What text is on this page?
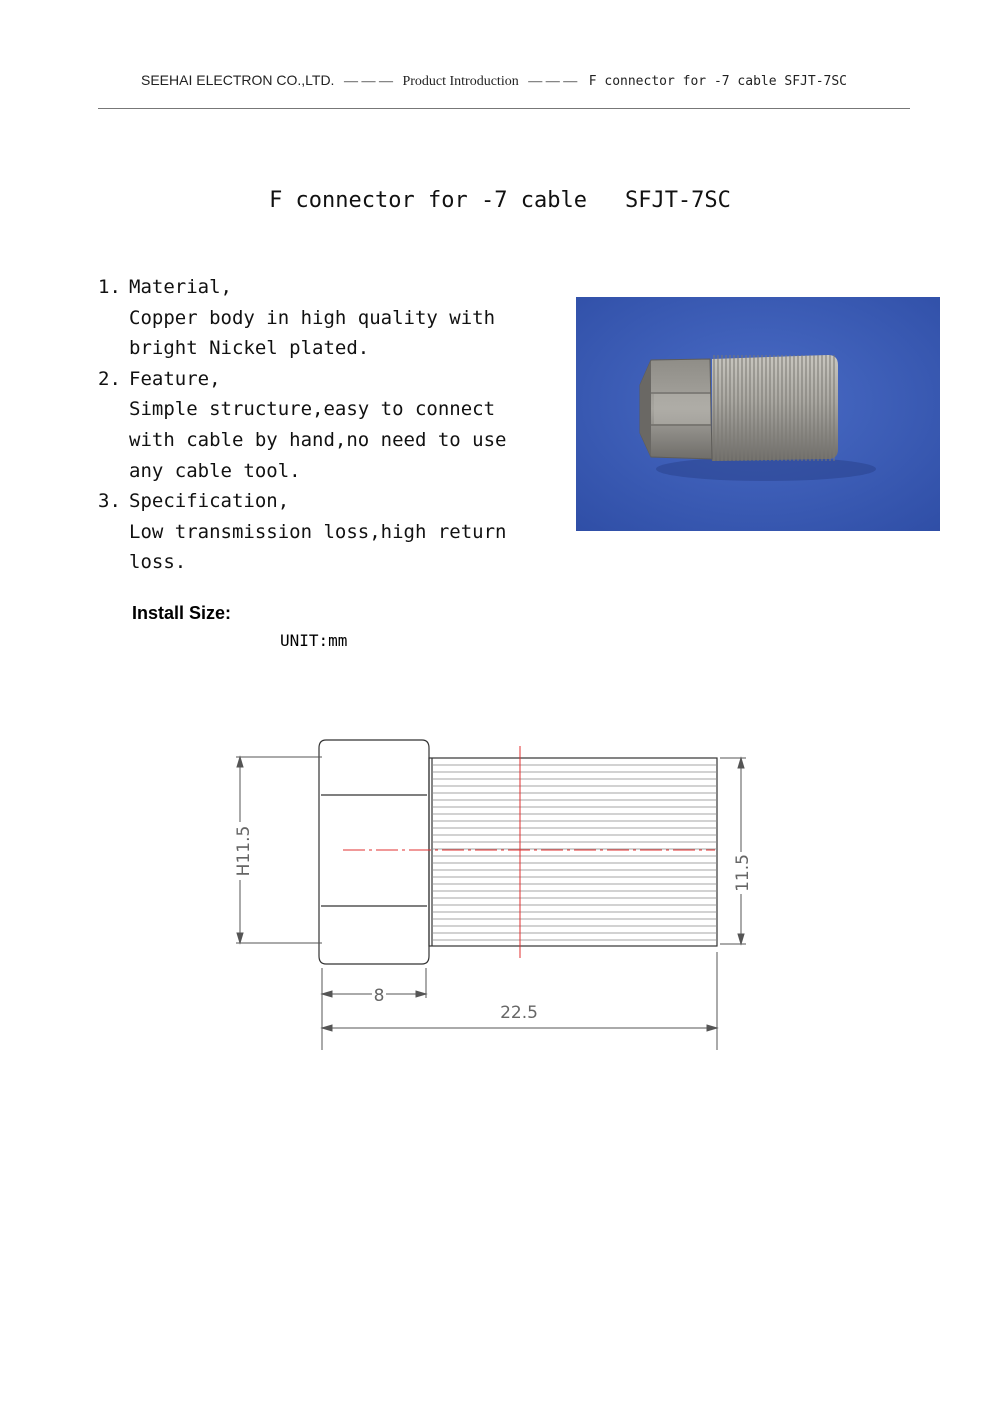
SEEHAI ELECTRON CO.,LTD. — — — Product Introduction — — — F connector for -7 cable SFJT-7SC
F connector for -7 cable SFJT-7SC
1. Material,
Copper body in high quality with
bright Nickel plated.
2. Feature,
Simple structure,easy to connect
with cable by hand,no need to use
any cable tool.
3. Specification,
Low transmission loss,high return
loss.
Install Size:
UNIT:mm
H11.5	11.5
8
22.5
